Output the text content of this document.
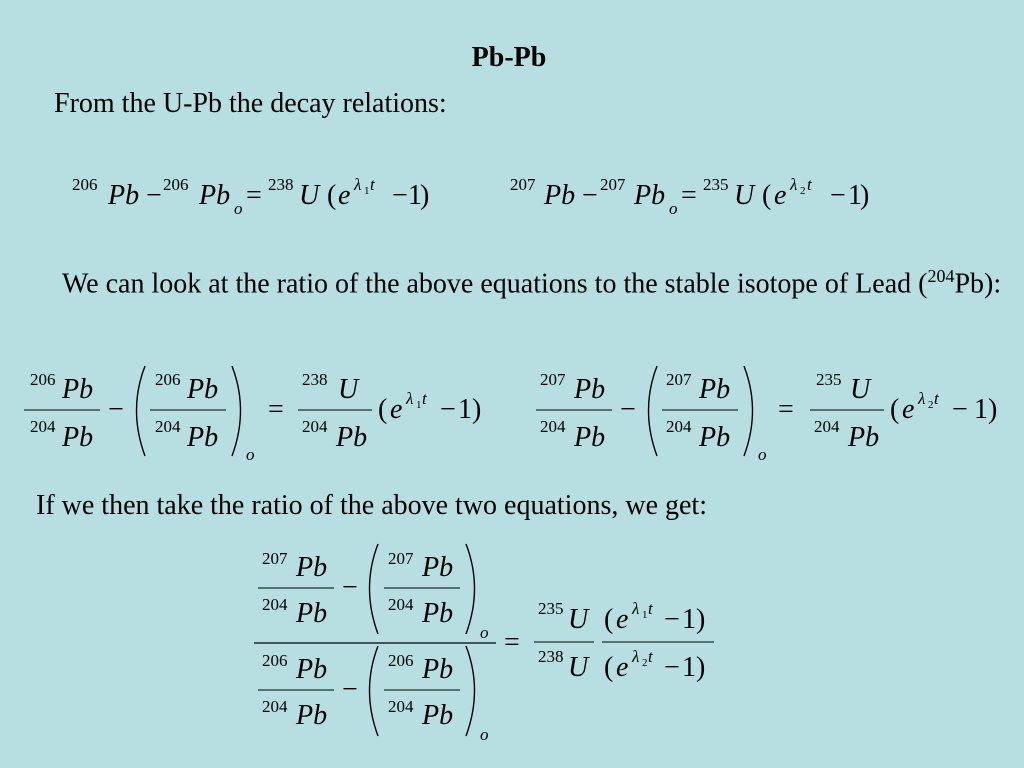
Pb-Pb
From the U-Pb the decay relations:
206 Pb − 206 Pb o = 238 U ( e λ 1 t − 1
)	207 Pb − 207 Pb o = 235 U ( e λ 2 t − 1
)
We can look at the ratio of the above equations to the stable isotope of Lead ($^{204}$Pb):
206 Pb
204 Pb
−
206 Pb
204 Pb
o
=
238 U
204 Pb
( e λ 1 t − 1 )
207 Pb
204 Pb
−
207 Pb
204 Pb
o
=
235 U
204 Pb
( e λ 2 t − 1 )
If we then take the ratio of the above two equations, we get:
207 Pb
204 Pb
−
207 Pb
204 Pb
o
206 Pb
204 Pb
−
206 Pb
204 Pb
o
=
235 U
238 U
( e λ 1 t − 1 )
( e λ 2 t − 1 )
